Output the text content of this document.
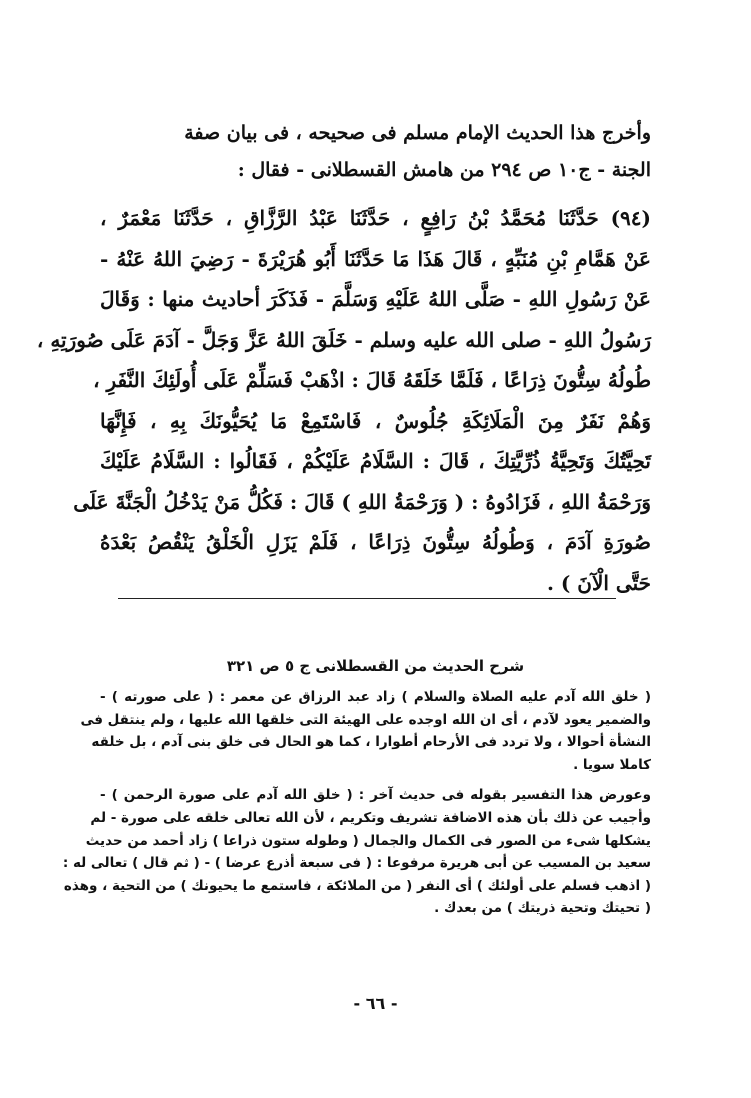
وأخرج هذا الحديث الإمام مسلم فى صحيحه ، فى بيان صفة
الجنة - ج١٠ ص ٢٩٤ من هامش القسطلانى - فقال :
(٩٤) حَدَّثَنَا مُحَمَّدُ بْنُ رَافِعٍ ، حَدَّثَنَا عَبْدُ الرَّزَّاقِ ، حَدَّثَنَا مَعْمَرٌ ،
عَنْ هَمَّامِ بْنِ مُنَبِّهٍ ، قَالَ هَذَا مَا حَدَّثَنَا أَبُو هُرَيْرَةَ - رَضِيَ اللهُ عَنْهُ -
عَنْ رَسُولِ اللهِ - صَلَّى اللهُ عَلَيْهِ وَسَلَّمَ - فَذَكَرَ أحاديث منها : وَقَالَ
رَسُولُ اللهِ - صلى الله عليه وسلم - خَلَقَ اللهُ عَزَّ وَجَلَّ - آدَمَ عَلَى صُورَتِهِ ،
طُولُهُ سِتُّونَ ذِرَاعًا ، فَلَمَّا خَلَقَهُ قَالَ : اذْهَبْ فَسَلِّمْ عَلَى أُولَئِكَ النَّفَرِ ،
وَهُمْ نَفَرٌ مِنَ الْمَلَائِكَةِ جُلُوسٌ ، فَاسْتَمِعْ مَا يُحَيُّونَكَ بِهِ ، فَإِنَّهَا
تَحِيَّتُكَ وَتَحِيَّةُ ذُرِّيَّتِكَ ، قَالَ : السَّلَامُ عَلَيْكُمْ ، فَقَالُوا : السَّلَامُ عَلَيْكَ
وَرَحْمَةُ اللهِ ، فَزَادُوهُ : ( وَرَحْمَةُ اللهِ ) قَالَ : فَكُلُّ مَنْ يَدْخُلُ الْجَنَّةَ عَلَى
صُورَةِ آدَمَ ، وَطُولُهُ سِتُّونَ ذِرَاعًا ، فَلَمْ يَزَلِ الْخَلْقُ يَنْقُصُ بَعْدَهُ
حَتَّى الْآنَ ) .
شرح الحديث من القسطلانى ج ٥ ص ٣٢١
( خلق الله آدم عليه الصلاة والسلام ) زاد عبد الرزاق عن معمر : ( على صورته ) -
والضمير يعود لآدم ، أى ان الله اوجده على الهيئة التى خلقها الله عليها ، ولم ينتقل فى
النشأة أحوالا ، ولا تردد فى الأرحام أطوارا ، كما هو الحال فى خلق بنى آدم ، بل خلقه
كاملا سويا .
وعورض هذا التفسير بقوله فى حديث آخر : ( خلق الله آدم على صورة الرحمن ) -
وأجيب عن ذلك بأن هذه الاضافة تشريف وتكريم ، لأن الله تعالى خلقه على صورة - لم
يشكلها شىء من الصور فى الكمال والجمال ( وطوله ستون ذراعا ) زاد أحمد من حديث
سعيد بن المسيب عن أبى هريرة مرفوعا : ( فى سبعة أذرع عرضا ) - ( ثم قال ) تعالى له :
( اذهب فسلم على أولئك ) أى النفر ( من الملائكة ، فاستمع ما يحيونك ) من التحية ، وهذه
( تحيتك وتحية ذريتك ) من بعدك .
- ٦٦ -
